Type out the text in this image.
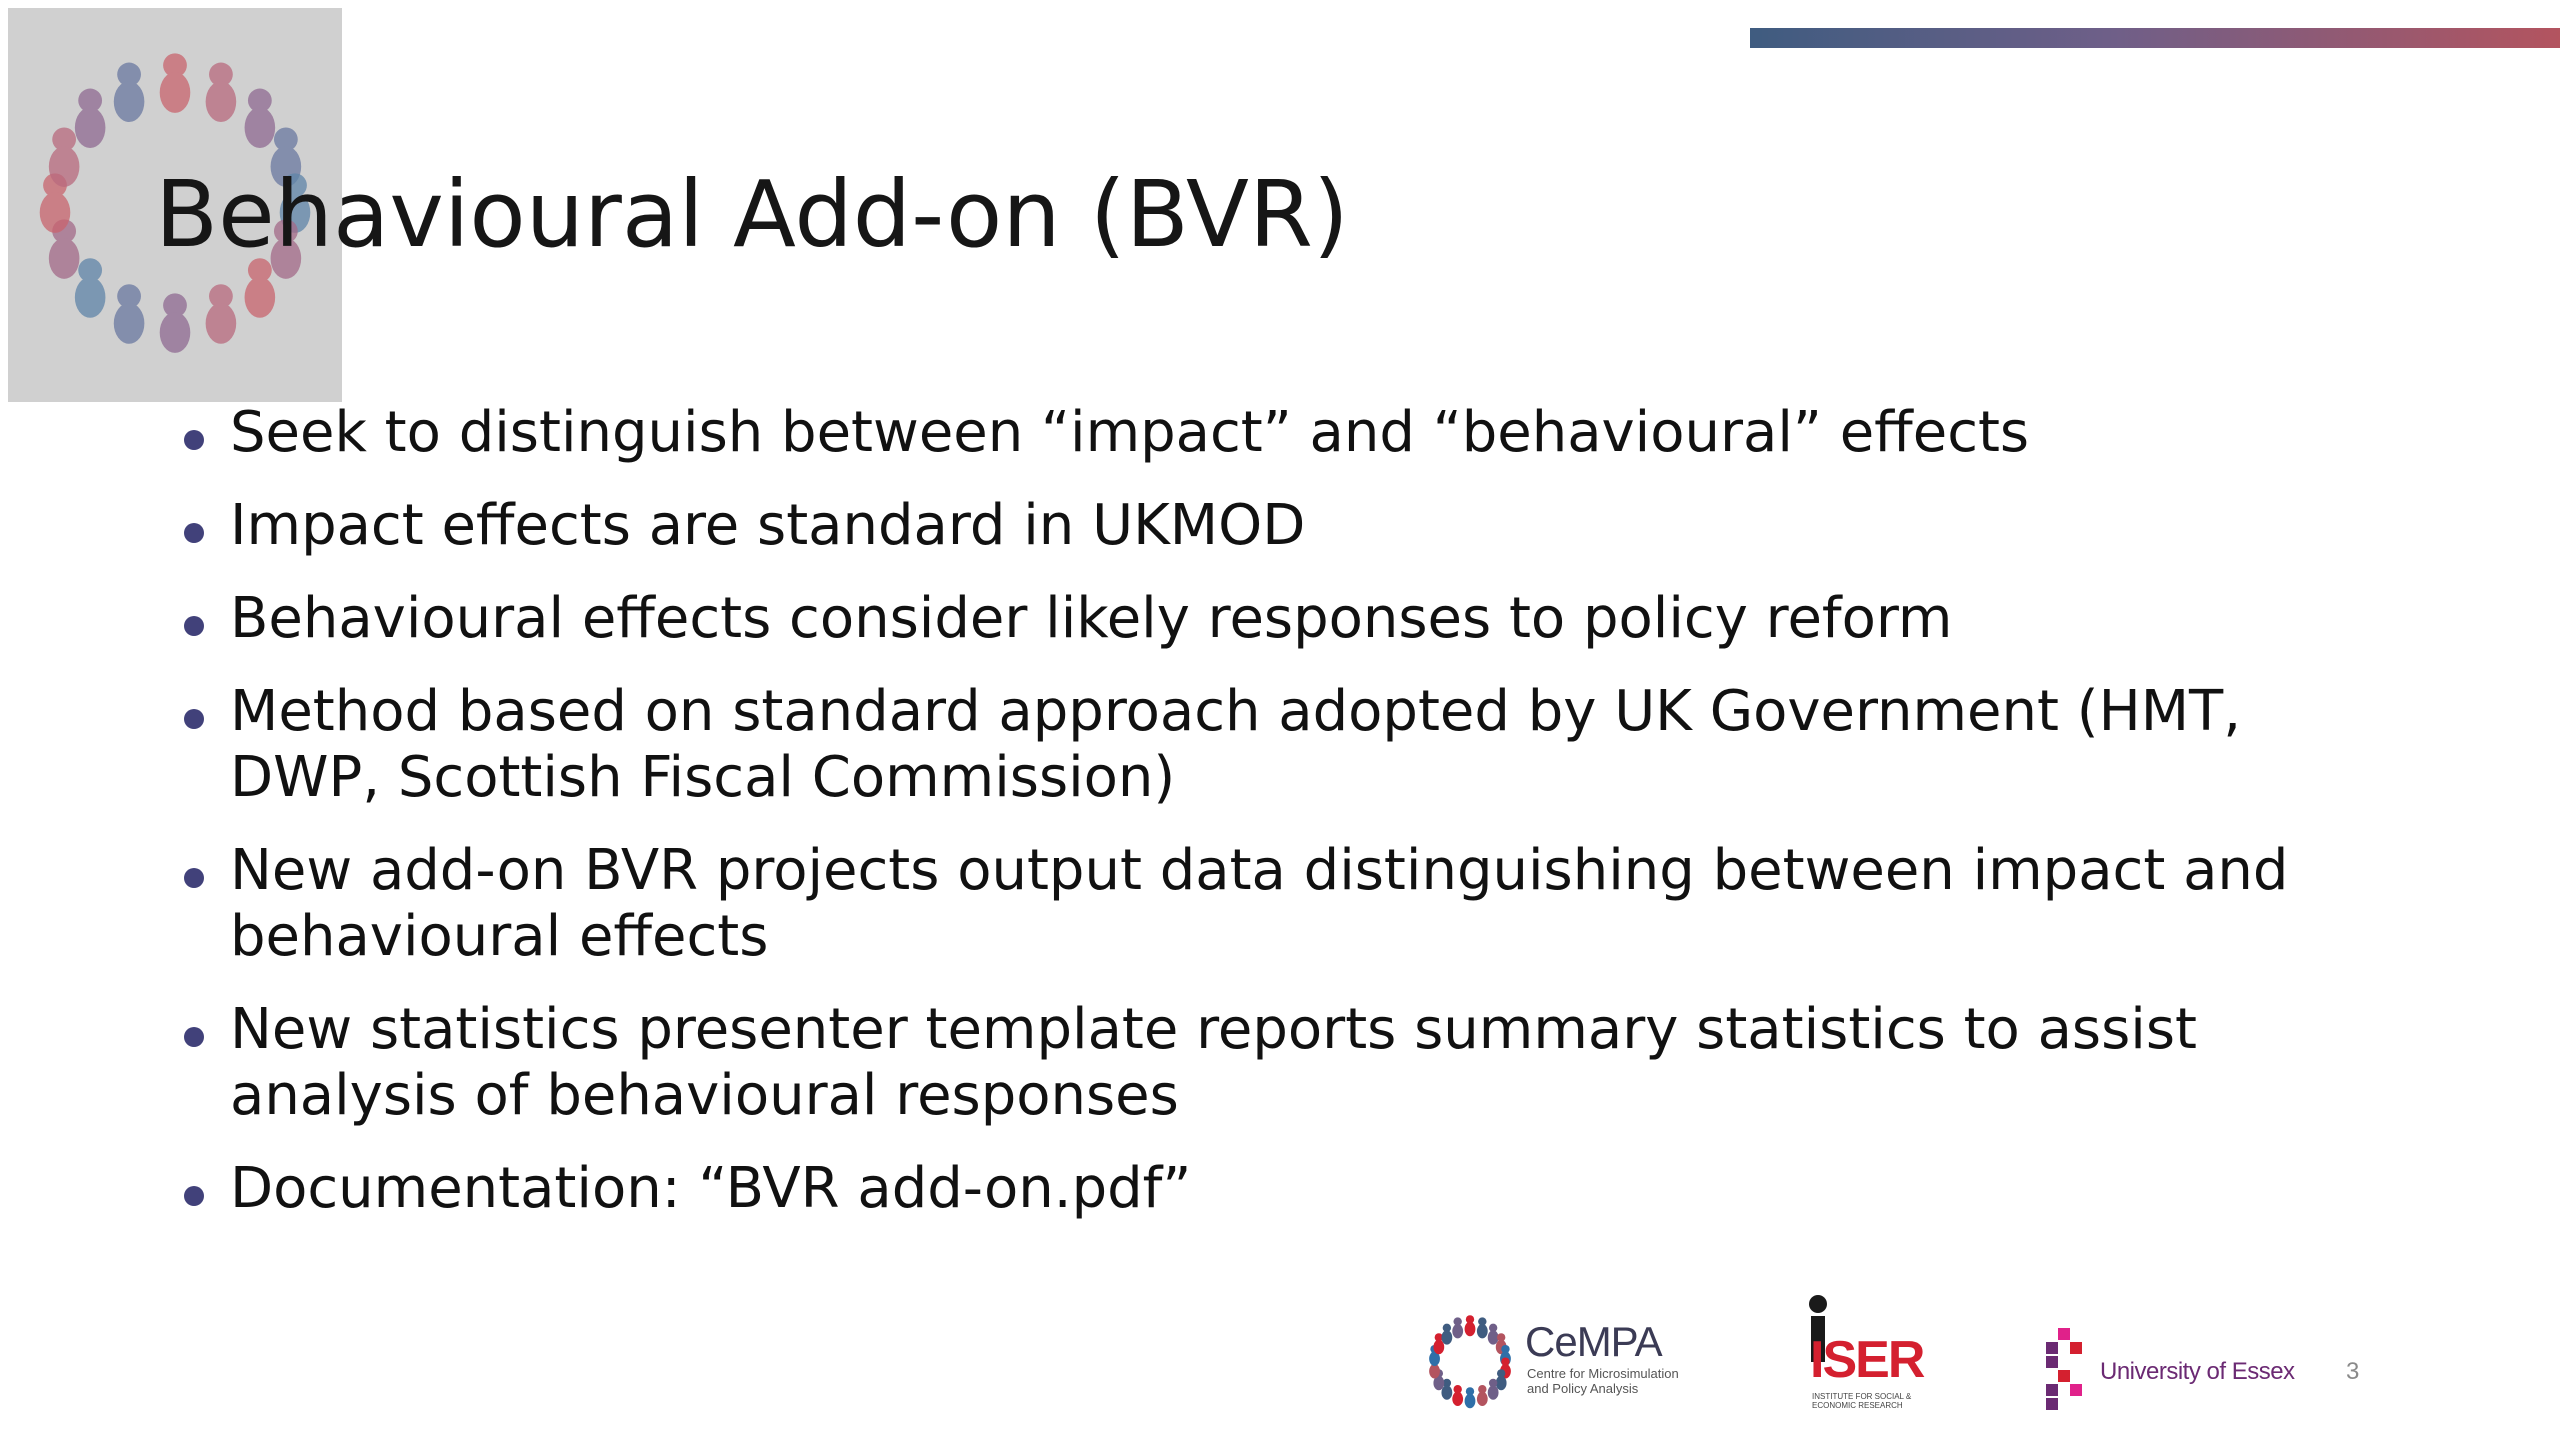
Behavioural Add-on (BVR)
Seek to distinguish between “impact” and “behavioural” effects
Impact effects are standard in UKMOD
Behavioural effects consider likely responses to policy reform
Method based on standard approach adopted by UK Government (HMT, DWP, Scottish Fiscal Commission)
New add-on BVR projects output data distinguishing between impact and behavioural effects
New statistics presenter template reports summary statistics to assist analysis of behavioural responses
Documentation: “BVR add-on.pdf”
CeMPA
Centre for Microsimulation and Policy Analysis	ISER
INSTITUTE FOR SOCIAL & ECONOMIC RESEARCH
University of Essex 3
